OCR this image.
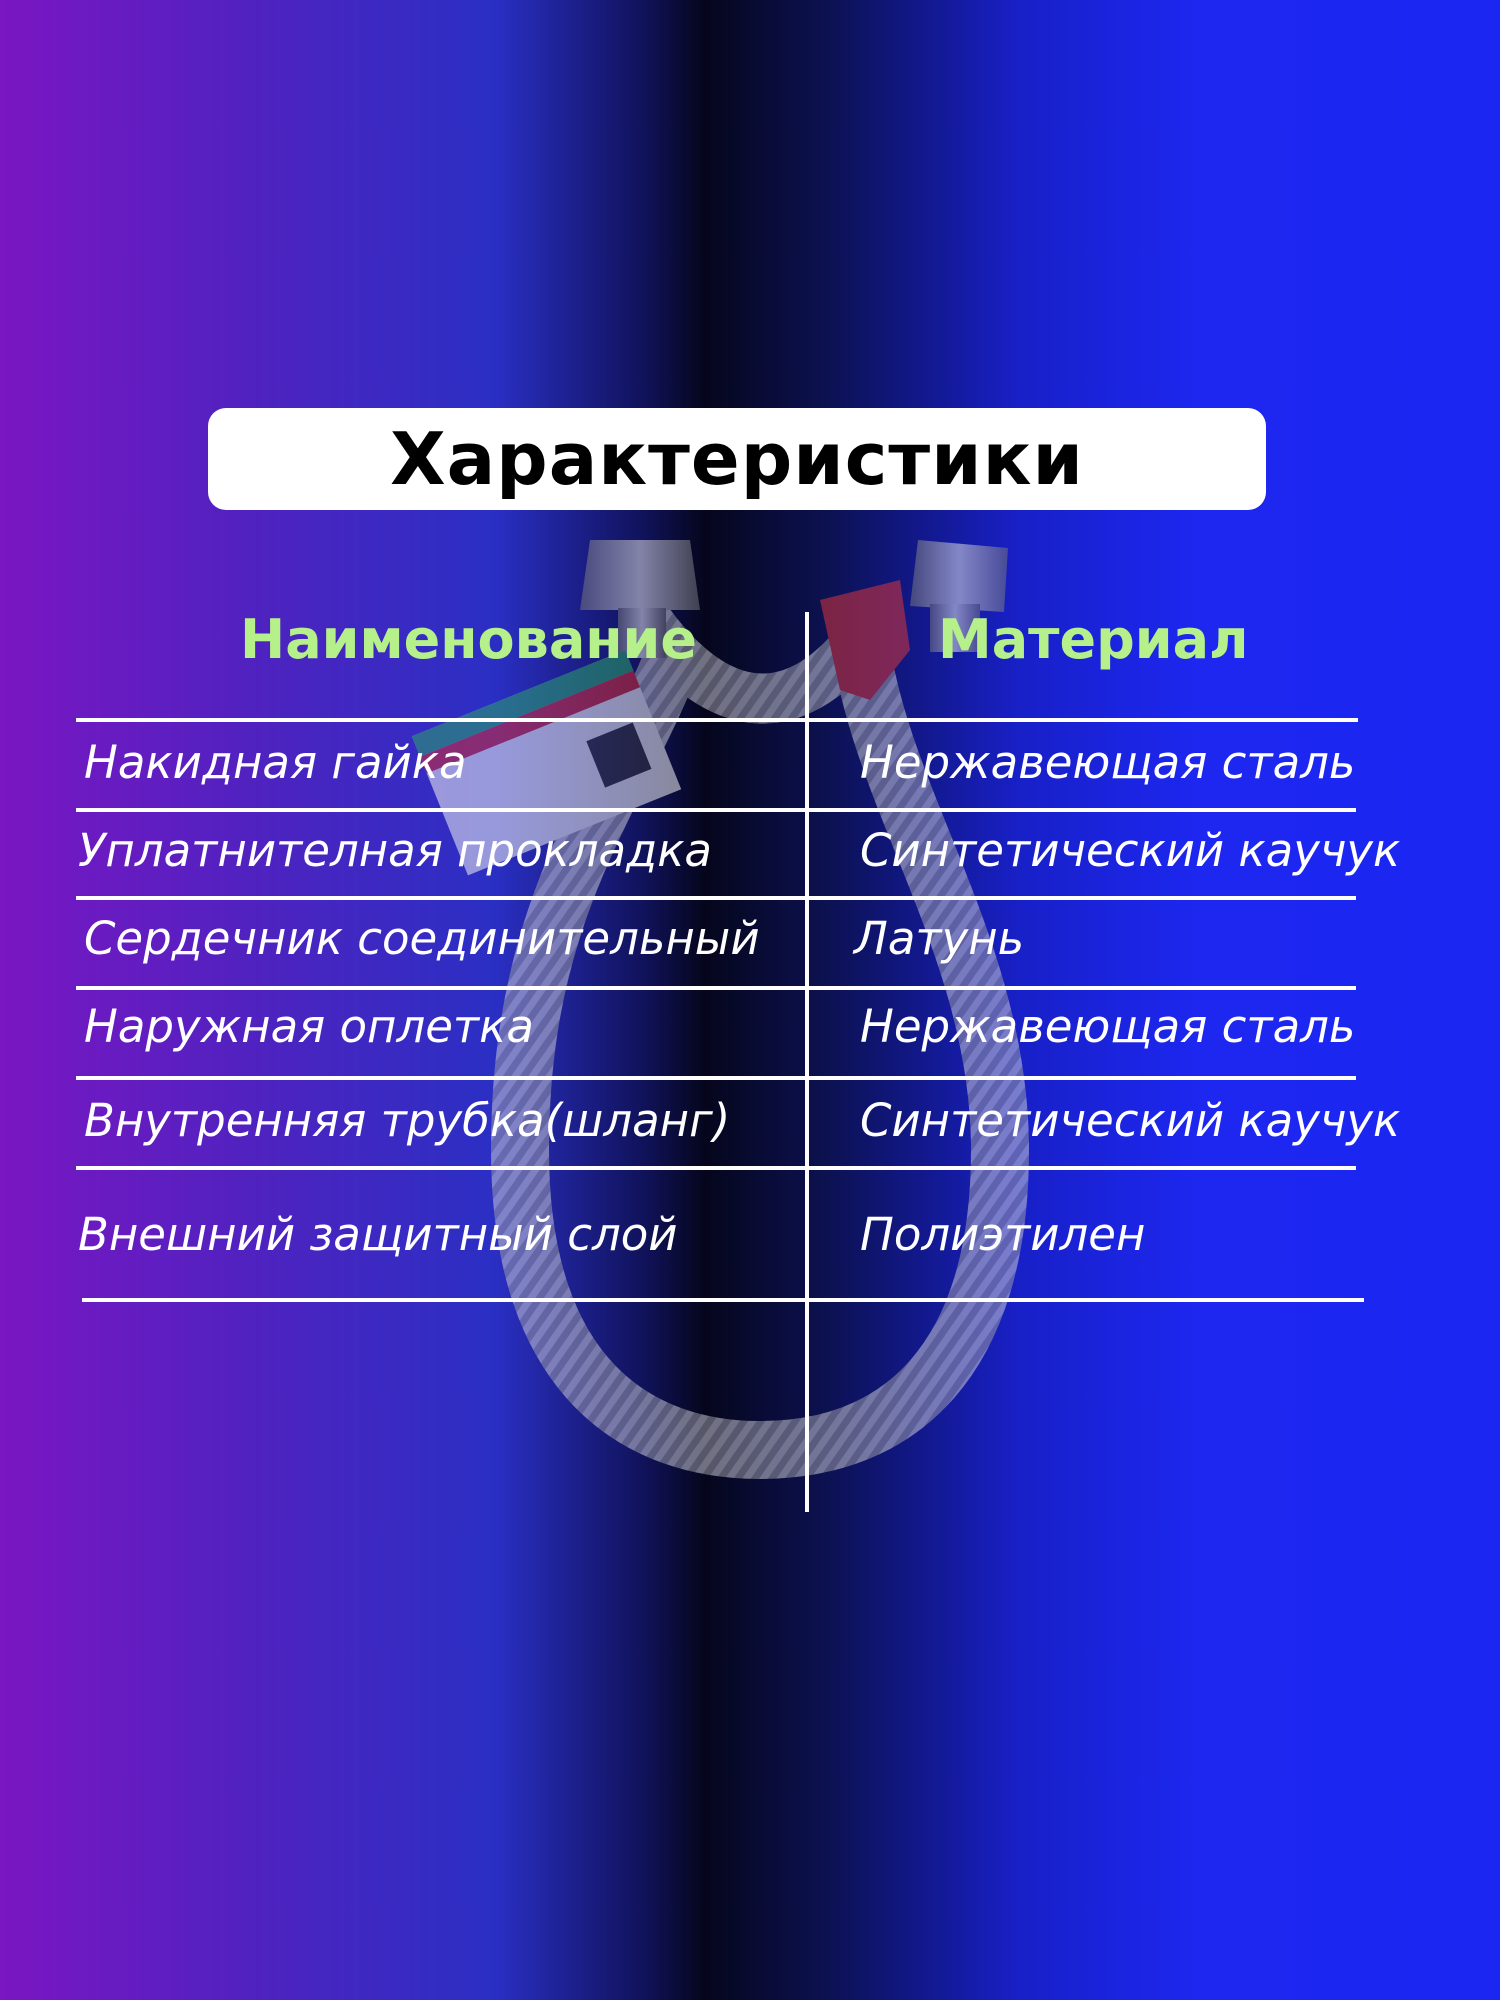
Характеристики
Наименование	Материал
Накидная гайка	Нержавеющая сталь
Уплатнителная прокладка	Синтетический каучук
Сердечник соединительный Латунь
Наружная оплетка	Нержавеющая сталь
Внутренняя трубка(шланг)	Синтетический каучук
Внешний защитный слой	Полиэтилен
